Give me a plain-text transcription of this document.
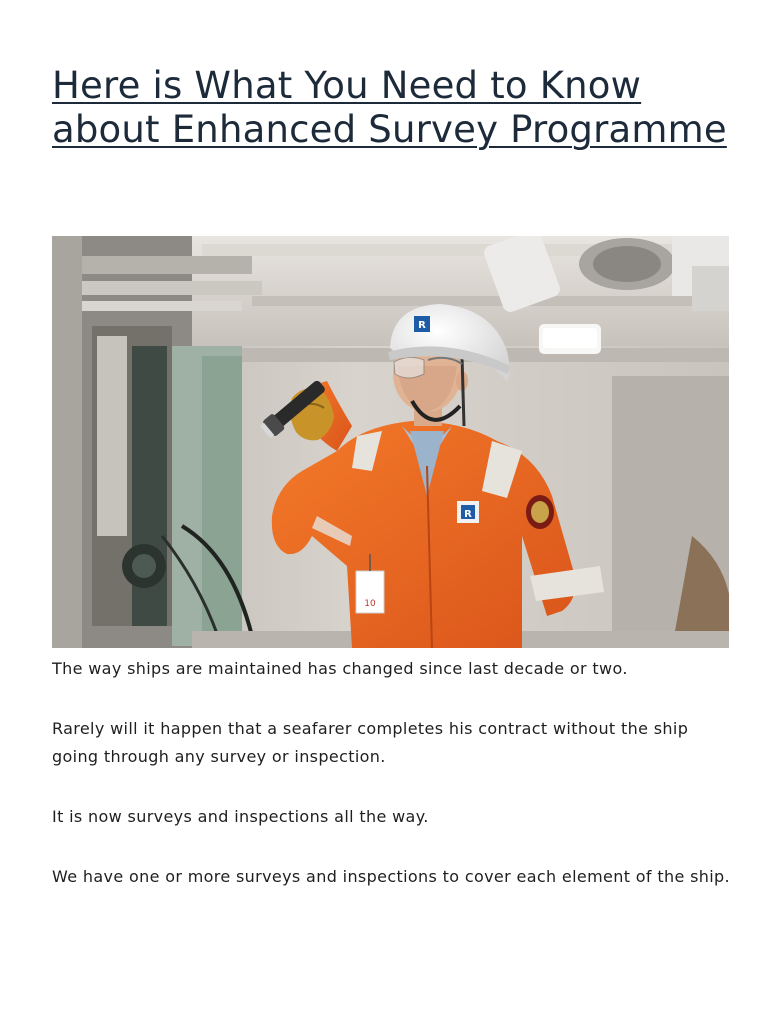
Here is What You Need to Know about Enhanced Survey Programme
R
10
R

The way ships are maintained has changed since last decade or two.

Rarely will it happen that a seafarer completes his contract without the ship going through any survey or inspection.

It is now surveys and inspections all the way.

We have one or more surveys and inspections to cover each element of the ship.
